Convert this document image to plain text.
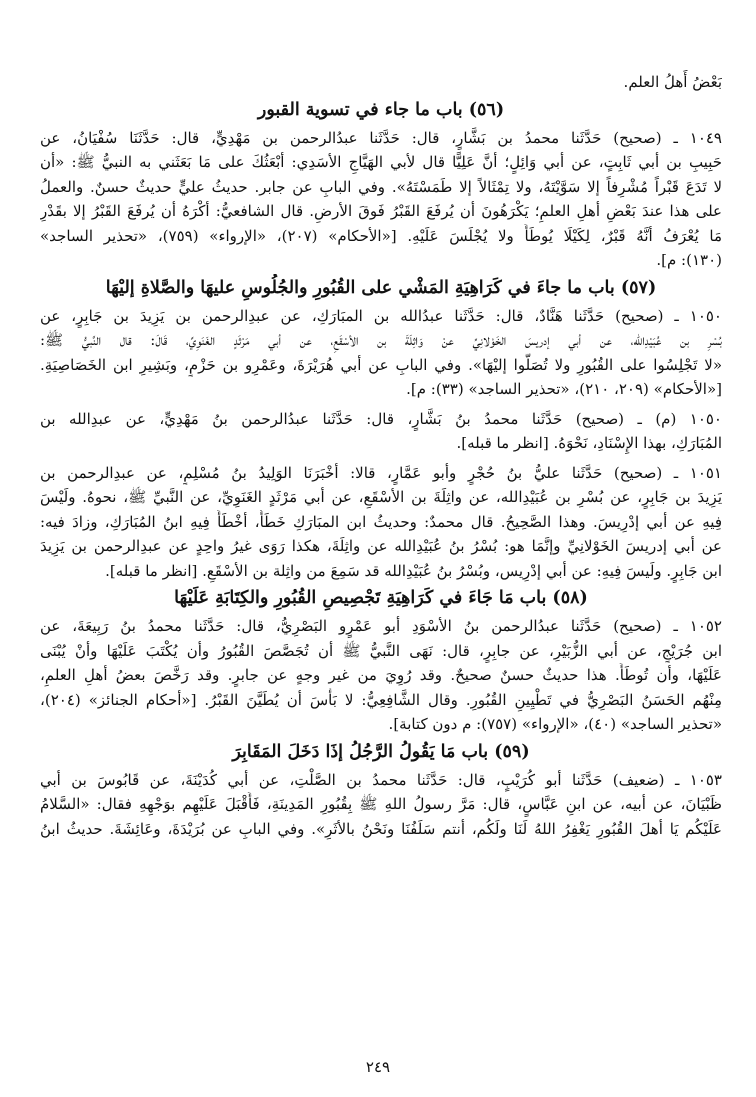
بَعْضُ أَهلُ العلم.
(٥٦) باب ما جاء في تسوية القبور
١٠٤٩ ـ (صحيح) حَدَّثَنا محمدُ بن بَشَّارٍ، قال: حَدَّثَنا عبدُالرحمن بن مَهْدِيٍّ، قال: حَدَّثَنَا سُفْيَانُ، عن
حَبِيبِ بن أبي ثَابِتٍ، عن أبي وَائِلٍ؛ أنَّ عَلِيًّا قال لأبي الهَيَّاجِ الأسَدِي: أبْعَثُكَ على مَا بَعَثَني به النبيُّ ﷺ: «أن
لا تَدَعَ قَبْراً مُشْرِفاً إلا سَوَّيْتَهُ، ولا تِمْثَالاً إلا طَمَسْتَهُ». وفي البابِ عن جابر. حديثُ عليٍّ حديثٌ حسنٌ. والعملُ
على هذا عندَ بَعْضِ أهلِ العلمِ؛ يَكْرَهُونَ أن يُرفَعَ القَبْرُ فَوقَ الأرضِ. قال الشافعيُّ: أكْرَهُ أن يُرفَعَ القَبْرُ إلا بقَدْرِ
مَا يُعْرَفُ أنَّهُ قَبْرٌ، لِكَيْلَا يُوطَأَ ولا يُجْلَسَ عَلَيْهِ. [«الأحكام» (٢٠٧)، «الإرواء» (٧٥٩)، «تحذير الساجد»
(١٣٠): م].
(٥٧) باب ما جاءَ في كَرَاهِيَةِ المَشْي على القُبُورِ والجُلُوسِ عليهَا والصَّلاةِ إليْهَا
١٠٥٠ ـ (صحيح) حَدَّثَنا هَنَّادٌ، قال: حَدَّثَنا عبدُالله بن المبَارَكِ، عن عبدِالرحمن بن يَزِيدَ بن جَابِرٍ، عن
بُسْرِ بن عُبَيْدِالله، عن أبي إدريسَ الخَوْلانِيِّ عنْ وَاثِلَةَ بن الأسْقَعِ، عن أبي مَرْثَدٍ الغَنَوِيِّ، قَالَ: قال النَّبيُّ ﷺ:
«لا تَجْلِسُوا على القُبُورِ ولا تُصَلُّوا إليْهَا». وفي البابِ عن أبي هُرَيْرَةَ، وعَمْرِو بن حَزْمٍ، وبَشِيرِ ابن الخَصَاصِيَةِ.
[«الأحكام» (٢٠٩، ٢١٠)، «تحذير الساجد» (٣٣): م].
١٠٥٠ (م) ـ (صحيح) حَدَّثَنا محمدُ بنُ بَشَّارٍ، قال: حَدَّثَنا عبدُالرحمن بنُ مَهْدِيٍّ، عن عبدِالله بن
المُبَارَكِ، بهذا الإِسْنَادِ، نَحْوَهُ. [انظر ما قبله].
١٠٥١ ـ (صحيح) حَدَّثَنا عليُّ بنُ حُجْرٍ وأبو عَمَّارٍ، قالا: أخْبَرَنَا الوَلِيدُ بنُ مُسْلِمٍ، عن عبدِالرحمن بن
يَزِيدَ بن جَابِرٍ، عن بُسْرِ بن عُبَيْدِالله، عن واثِلَةَ بن الأسْقَعِ، عن أبي مَرْثَدٍ الغَنَوِيِّ، عن النَّبيِّ ﷺ، نحوهُ. ولَيْسَ
فِيهِ عن أبي إدْرِيسَ. وهذا الصَّحِيحُ. قال محمدٌ: وحديثُ ابن المبَارَكِ خَطَأٌ، أخْطَأَ فِيهِ ابنُ المُبَارَكِ، وزادَ فيه:
عن أبي إدريسَ الخَوْلانِيِّ وإنَّمَا هو: بُسْرُ بنُ عُبَيْدِالله عن واثِلَةَ، هكذا رَوَى غيرُ واحِدٍ عن عبدِالرحمن بن يَزِيدَ
ابن جَابِرٍ. ولَيسَ فِيهِ: عن أبي إدْرِيس، وبُسْرُ بنُ عُبَيْدِالله قد سَمِعَ من واثِلة بن الأسْقَعِ. [انظر ما قبله].
(٥٨) باب مَا جَاءَ في كَرَاهِيَةِ تَجْصِيصِ القُبُورِ والكِتَابَةِ عَلَيْهَا
١٠٥٢ ـ (صحيح) حَدَّثَنا عبدُالرحمن بنُ الأسْوَدِ أبو عَمْرٍو البَصْرِيُّ، قال: حَدَّثَنا محمدُ بنُ رَبِيعَةَ، عن
ابن جُرَيْجٍ، عن أبي الزُّبَيْرِ، عن جابِرٍ، قال: نَهَى النَّبيُّ ﷺ أن تُجَصَّصَ القُبُورُ وأن يُكْتَبَ عَلَيْهَا وأنْ يُبْنَى
عَلَيْهَا، وأن تُوطَأَ. هذا حديثٌ حسنٌ صحيحٌ. وقد رُوِيَ من غير وجهٍ عن جابرٍ. وقد رَخَّصَ بعضُ أهلِ العلمِ،
مِنْهُم الحَسَنُ البَصْرِيُّ في تَطْيِينِ القُبُورِ. وقال الشَّافِعِيُّ: لا بَأْسَ أن يُطَيَّنَ القَبْرُ. [«أحكام الجنائز» (٢٠٤)،
«تحذير الساجد» (٤٠)، «الإرواء» (٧٥٧): م دون كتابة].
(٥٩) باب مَا يَقُولُ الرَّجُلُ إذَا دَخَلَ المَقَابِرَ
١٠٥٣ ـ (ضعيف) حَدَّثَنا أبو كُرَيْبٍ، قال: حَدَّثَنا محمدُ بن الصَّلْتِ، عن أبي كُدَيْنَةَ، عن قَابُوسَ بن أبي
ظَبْيَانَ، عن أبيه، عن ابنِ عَبَّاسٍ، قال: مَرَّ رسولُ اللهِ ﷺ بِقُبُورِ المَدِينَةِ، فَأَقْبَلَ عَلَيْهِم بوَجْهِهِ فقال: «السَّلامُ
عَلَيْكُم يَا أهلَ القُبُورِ يَغْفِرُ اللهُ لَنَا ولَكُم، أنتم سَلَفُنَا ونَحْنُ بالأثَرِ». وفي البابِ عن بُرَيْدَةَ، وعَائِشَةَ. حديثُ ابنُ
٢٤٩
